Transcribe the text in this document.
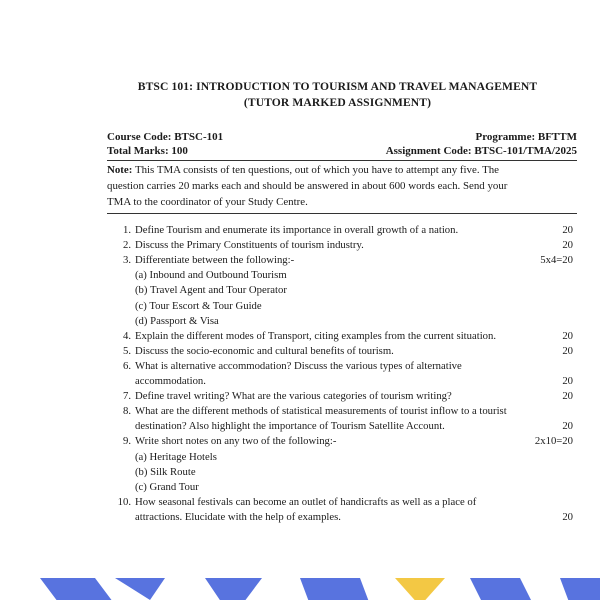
BTSC 101: INTRODUCTION TO TOURISM AND TRAVEL MANAGEMENT
(TUTOR MARKED ASSIGNMENT)
Course Code: BTSC-101	Programme: BFTTM
Total Marks: 100	Assignment Code: BTSC-101/TMA/2025
Note: This TMA consists of ten questions, out of which you have to attempt any five. The
question carries 20 marks each and should be answered in about 600 words each. Send your
TMA to the coordinator of your Study Centre.
1. Define Tourism and enumerate its importance in overall growth of a nation.	20
2. Discuss the Primary Constituents of tourism industry.	20
3. Differentiate between the following:-	5x4=20
(a) Inbound and Outbound Tourism
(b) Travel Agent and Tour Operator
(c) Tour Escort & Tour Guide
(d) Passport & Visa
4. Explain the different modes of Transport, citing examples from the current situation.	20
5. Discuss the socio-economic and cultural benefits of tourism.	20
6. What is alternative accommodation? Discuss the various types of alternative
accommodation.	20
7. Define travel writing? What are the various categories of tourism writing?	20
8. What are the different methods of statistical measurements of tourist inflow to a tourist
destination? Also highlight the importance of Tourism Satellite Account.	20
9. Write short notes on any two of the following:-	2x10=20
(a) Heritage Hotels
(b) Silk Route
(c) Grand Tour
10. How seasonal festivals can become an outlet of handicrafts as well as a place of
attractions. Elucidate with the help of examples.	20
